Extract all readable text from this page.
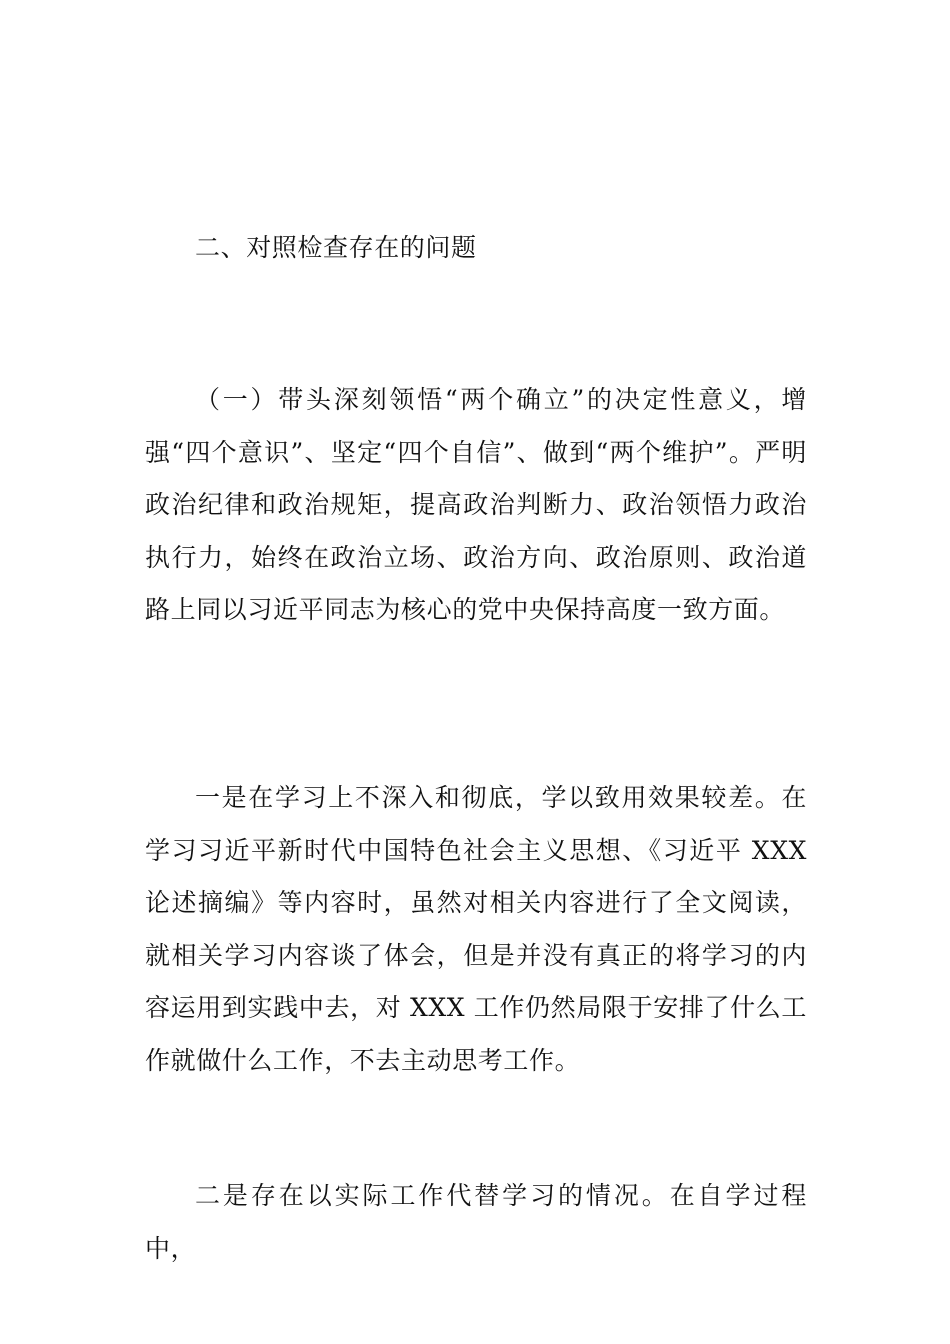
二、对照检查存在的问题

（一）带头深刻领悟“两个确立”的决定性意义，增强“四个意识”、坚定“四个自信”、做到“两个维护”。严明政治纪律和政治规矩，提高政治判断力、政治领悟力政治执行力，始终在政治立场、政治方向、政治原则、政治道路上同以习近平同志为核心的党中央保持高度一致方面。

一是在学习上不深入和彻底，学以致用效果较差。在学习习近平新时代中国特色社会主义思想、《习近平 XXX 论述摘编》等内容时，虽然对相关内容进行了全文阅读，就相关学习内容谈了体会，但是并没有真正的将学习的内容运用到实践中去，对 XXX 工作仍然局限于安排了什么工作就做什么工作，不去主动思考工作。

二是存在以实际工作代替学习的情况。在自学过程中，
